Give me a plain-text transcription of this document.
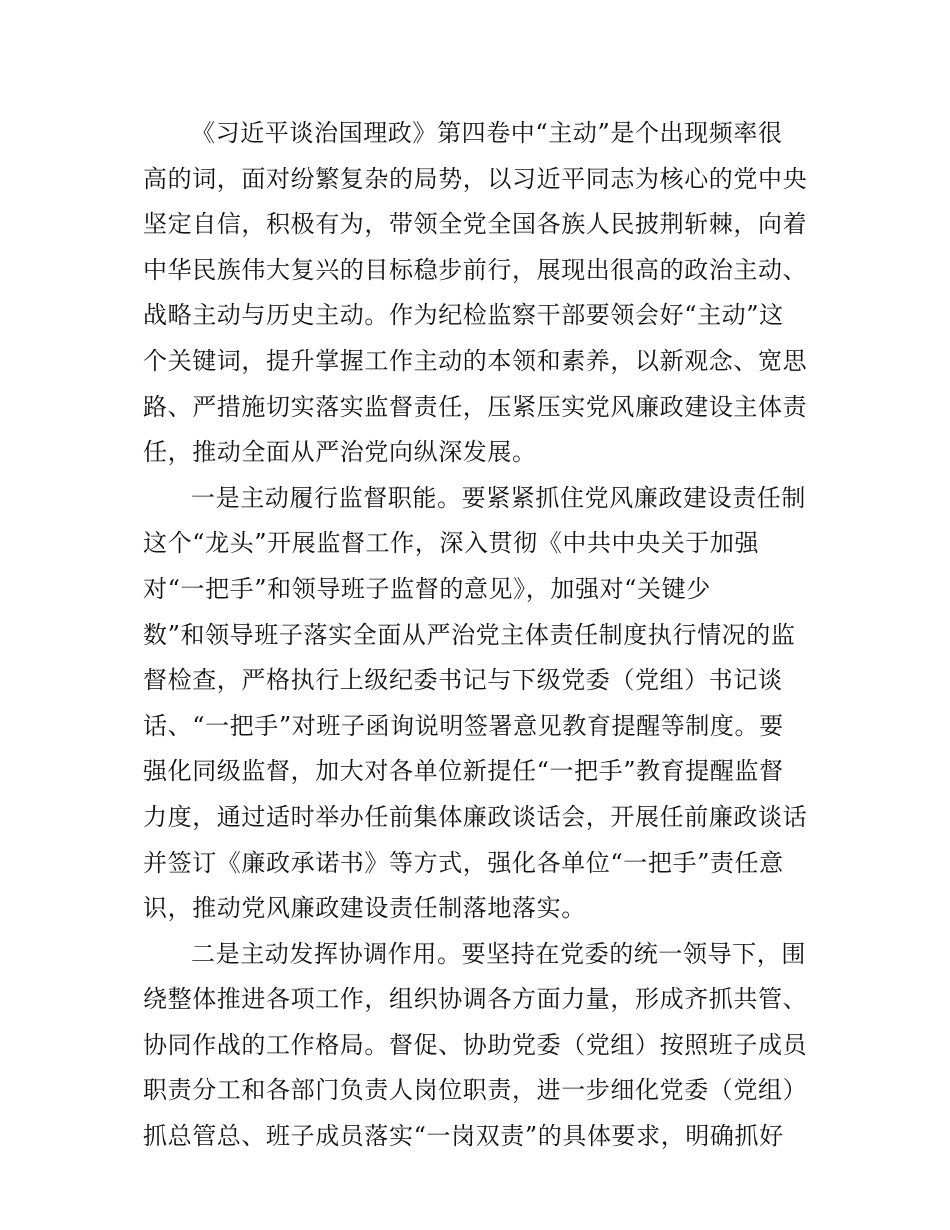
《习近平谈治国理政》第四卷中“主动”是个出现频率很
高的词，面对纷繁复杂的局势，以习近平同志为核心的党中央
坚定自信，积极有为，带领全党全国各族人民披荆斩棘，向着
中华民族伟大复兴的目标稳步前行，展现出很高的政治主动、
战略主动与历史主动。作为纪检监察干部要领会好“主动”这
个关键词，提升掌握工作主动的本领和素养，以新观念、宽思
路、严措施切实落实监督责任，压紧压实党风廉政建设主体责
任，推动全面从严治党向纵深发展。
一是主动履行监督职能。要紧紧抓住党风廉政建设责任制
这个“龙头”开展监督工作，深入贯彻《中共中央关于加强
对“一把手”和领导班子监督的意见》，加强对“关键少
数”和领导班子落实全面从严治党主体责任制度执行情况的监
督检查，严格执行上级纪委书记与下级党委（党组）书记谈
话、“一把手”对班子函询说明签署意见教育提醒等制度。要
强化同级监督，加大对各单位新提任“一把手”教育提醒监督
力度，通过适时举办任前集体廉政谈话会，开展任前廉政谈话
并签订《廉政承诺书》等方式，强化各单位“一把手”责任意
识，推动党风廉政建设责任制落地落实。
二是主动发挥协调作用。要坚持在党委的统一领导下，围
绕整体推进各项工作，组织协调各方面力量，形成齐抓共管、
协同作战的工作格局。督促、协助党委（党组）按照班子成员
职责分工和各部门负责人岗位职责，进一步细化党委（党组）
抓总管总、班子成员落实“一岗双责”的具体要求，明确抓好
